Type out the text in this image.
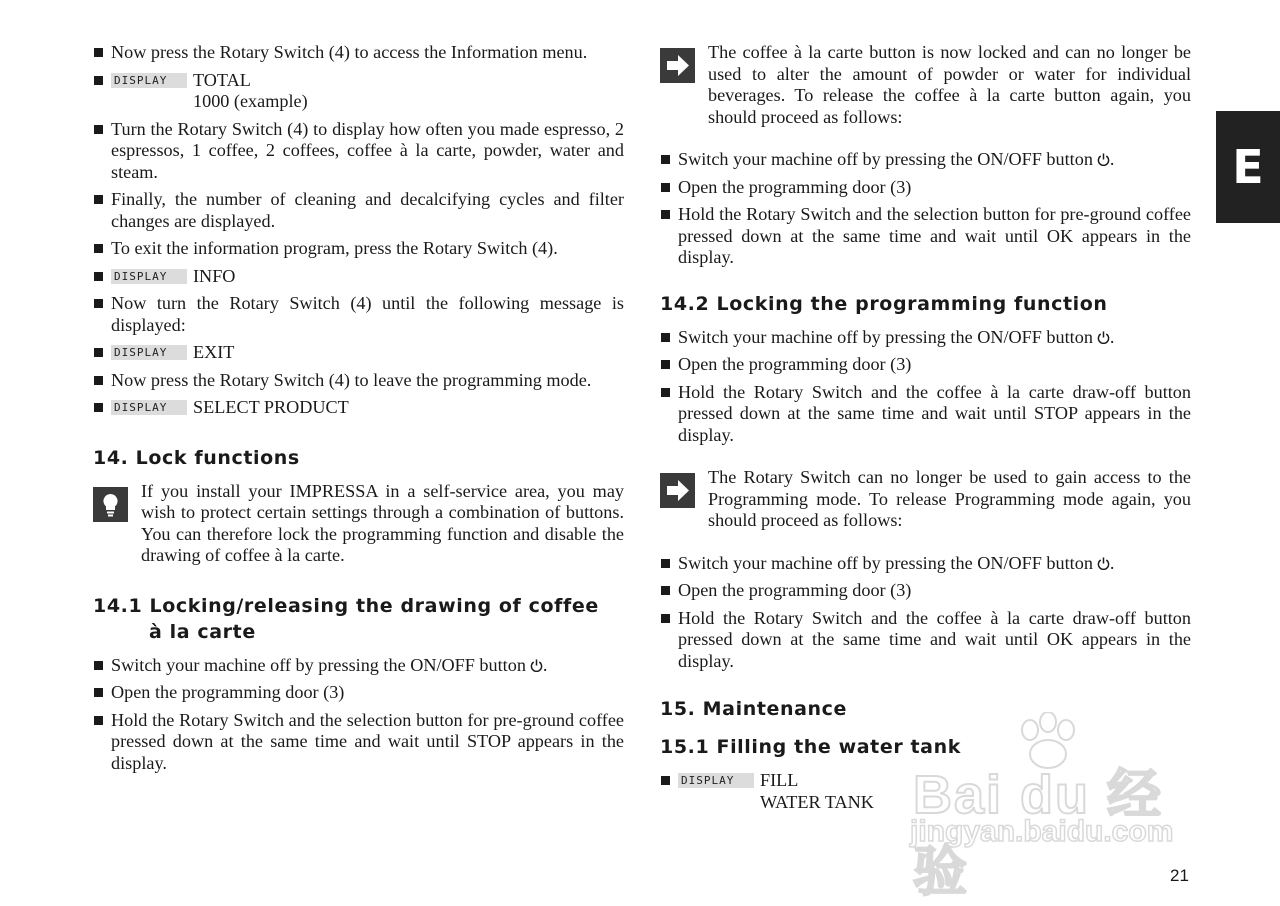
E
Now press the Rotary Switch (4) to access the Information menu.
DISPLAY TOTAL
1000 (example)
Turn the Rotary Switch (4) to display how often you made espresso, 2 espressos, 1 coffee, 2 coffees, coffee à la carte, powder, water and steam.
Finally, the number of cleaning and decalcifying cycles and filter changes are displayed.
To exit the information program, press the Rotary Switch (4).
DISPLAY INFO
Now turn the Rotary Switch (4) until the following message is displayed:
DISPLAY EXIT
Now press the Rotary Switch (4) to leave the programming mode.
DISPLAY SELECT PRODUCT
14. Lock functions
If you install your IMPRESSA in a self-service area, you may wish to protect certain settings through a combination of buttons. You can therefore lock the programming function and disable the drawing of coffee à la carte.
14.1 Locking/releasing the drawing of coffee
à la carte
Switch your machine off by pressing the ON/OFF button .
Open the programming door (3)
Hold the Rotary Switch and the selection button for pre-ground coffee pressed down at the same time and wait until STOP appears in the display.
The coffee à la carte button is now locked and can no longer be used to alter the amount of powder or water for individual beverages. To release the coffee à la carte button again, you should proceed as follows:
Switch your machine off by pressing the ON/OFF button .
Open the programming door (3)
Hold the Rotary Switch and the selection button for pre-ground coffee pressed down at the same time and wait until OK appears in the display.
14.2 Locking the programming function
Switch your machine off by pressing the ON/OFF button .
Open the programming door (3)
Hold the Rotary Switch and the coffee à la carte draw-off button pressed down at the same time and wait until STOP appears in the display.
The Rotary Switch can no longer be used to gain access to the Programming mode. To release Programming mode again, you should proceed as follows:
Switch your machine off by pressing the ON/OFF button .
Open the programming door (3)
Hold the Rotary Switch and the coffee à la carte draw-off button pressed down at the same time and wait until OK appears in the display.
15. Maintenance
15.1 Filling the water tank
DISPLAY FILL
WATER TANK Bai du 经验
jingyan.baidu.com
21
